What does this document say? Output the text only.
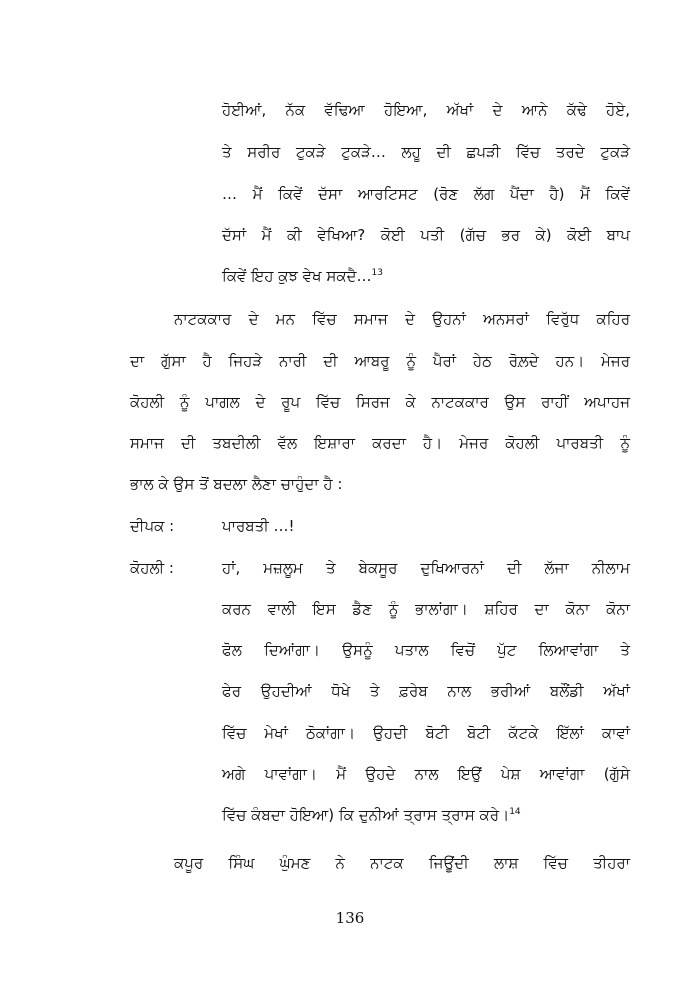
ਹੋਈਆਂ, ਨੱਕ ਵੱਢਿਆ ਹੋਇਆ, ਅੱਖਾਂ ਦੇ ਆਨੇ ਕੱਢੇ ਹੋਏ,

ਤੇ ਸਰੀਰ ਟੁਕੜੇ ਟੁਕੜੇ… ਲਹੂ ਦੀ ਛਪੜੀ ਵਿੱਚ ਤਰਦੇ ਟੁਕੜੇ

… ਮੈਂ ਕਿਵੇਂ ਦੱਸਾ ਆਰਟਿਸਟ (ਰੋਣ ਲੱਗ ਪੈਂਦਾ ਹੈ) ਮੈਂ ਕਿਵੇਂ

ਦੱਸਾਂ ਮੈਂ ਕੀ ਵੇਖਿਆ? ਕੋਈ ਪਤੀ (ਗੱਚ ਭਰ ਕੇ) ਕੋਈ ਬਾਪ

ਕਿਵੇਂ ਇਹ ਕੁਝ ਵੇਖ ਸਕਦੈ…$^{13}$

ਨਾਟਕਕਾਰ ਦੇ ਮਨ ਵਿੱਚ ਸਮਾਜ ਦੇ ਉਹਨਾਂ ਅਨਸਰਾਂ ਵਿਰੁੱਧ ਕਹਿਰ

ਦਾ ਗੁੱਸਾ ਹੈ ਜਿਹੜੇ ਨਾਰੀ ਦੀ ਆਬਰੂ ਨੂੰ ਪੈਰਾਂ ਹੇਠ ਰੋਲ਼ਦੇ ਹਨ। ਮੇਜਰ

ਕੋਹਲੀ ਨੂੰ ਪਾਗਲ ਦੇ ਰੂਪ ਵਿੱਚ ਸਿਰਜ ਕੇ ਨਾਟਕਕਾਰ ਉਸ ਰਾਹੀਂ ਅਪਾਹਜ

ਸਮਾਜ ਦੀ ਤਬਦੀਲੀ ਵੱਲ ਇਸ਼ਾਰਾ ਕਰਦਾ ਹੈ। ਮੇਜਰ ਕੋਹਲੀ ਪਾਰਬਤੀ ਨੂੰ

ਭਾਲ ਕੇ ਉਸ ਤੋਂ ਬਦਲਾ ਲੈਣਾ ਚਾਹੁੰਦਾ ਹੈ :

ਦੀਪਕ :	ਪਾਰਬਤੀ …!
ਕੋਹਲੀ :	ਹਾਂ, ਮਜ਼ਲੂਮ ਤੇ ਬੇਕਸੂਰ ਦੁਖਿਆਰਨਾਂ ਦੀ ਲੱਜਾ ਨੀਲਾਮ

ਕਰਨ ਵਾਲੀ ਇਸ ਡੈਣ ਨੂੰ ਭਾਲਾਂਗਾ। ਸ਼ਹਿਰ ਦਾ ਕੋਨਾ ਕੋਨਾ

ਫੋਲ ਦਿਆਂਗਾ। ਉਸਨੂੰ ਪਤਾਲ ਵਿਚੋਂ ਪੁੱਟ ਲਿਆਵਾਂਗਾ ਤੇ

ਫੇਰ ਉਹਦੀਆਂ ਧੋਖੇ ਤੇ ਫ਼ਰੇਬ ਨਾਲ ਭਰੀਆਂ ਬਲੌਂਡੀ ਅੱਖਾਂ

ਵਿੱਚ ਮੇਖਾਂ ਠੋਕਾਂਗਾ। ਉਹਦੀ ਬੋਟੀ ਬੋਟੀ ਕੱਟਕੇ ਇੱਲਾਂ ਕਾਵਾਂ

ਅਗੇ ਪਾਵਾਂਗਾ। ਮੈਂ ਉਹਦੇ ਨਾਲ ਇਉਂ ਪੇਸ਼ ਆਵਾਂਗਾ (ਗੁੱਸੇ

ਵਿੱਚ ਕੰਬਦਾ ਹੋਇਆ) ਕਿ ਦੁਨੀਆਂ ਤ੍ਰਾਸ ਤ੍ਰਾਸ ਕਰੇ।$^{14}$

ਕਪੂਰ ਸਿੰਘ ਘੁੰਮਣ ਨੇ ਨਾਟਕ ਜਿਊਂਦੀ ਲਾਸ਼ ਵਿੱਚ ਤੀਹਰਾ

136
